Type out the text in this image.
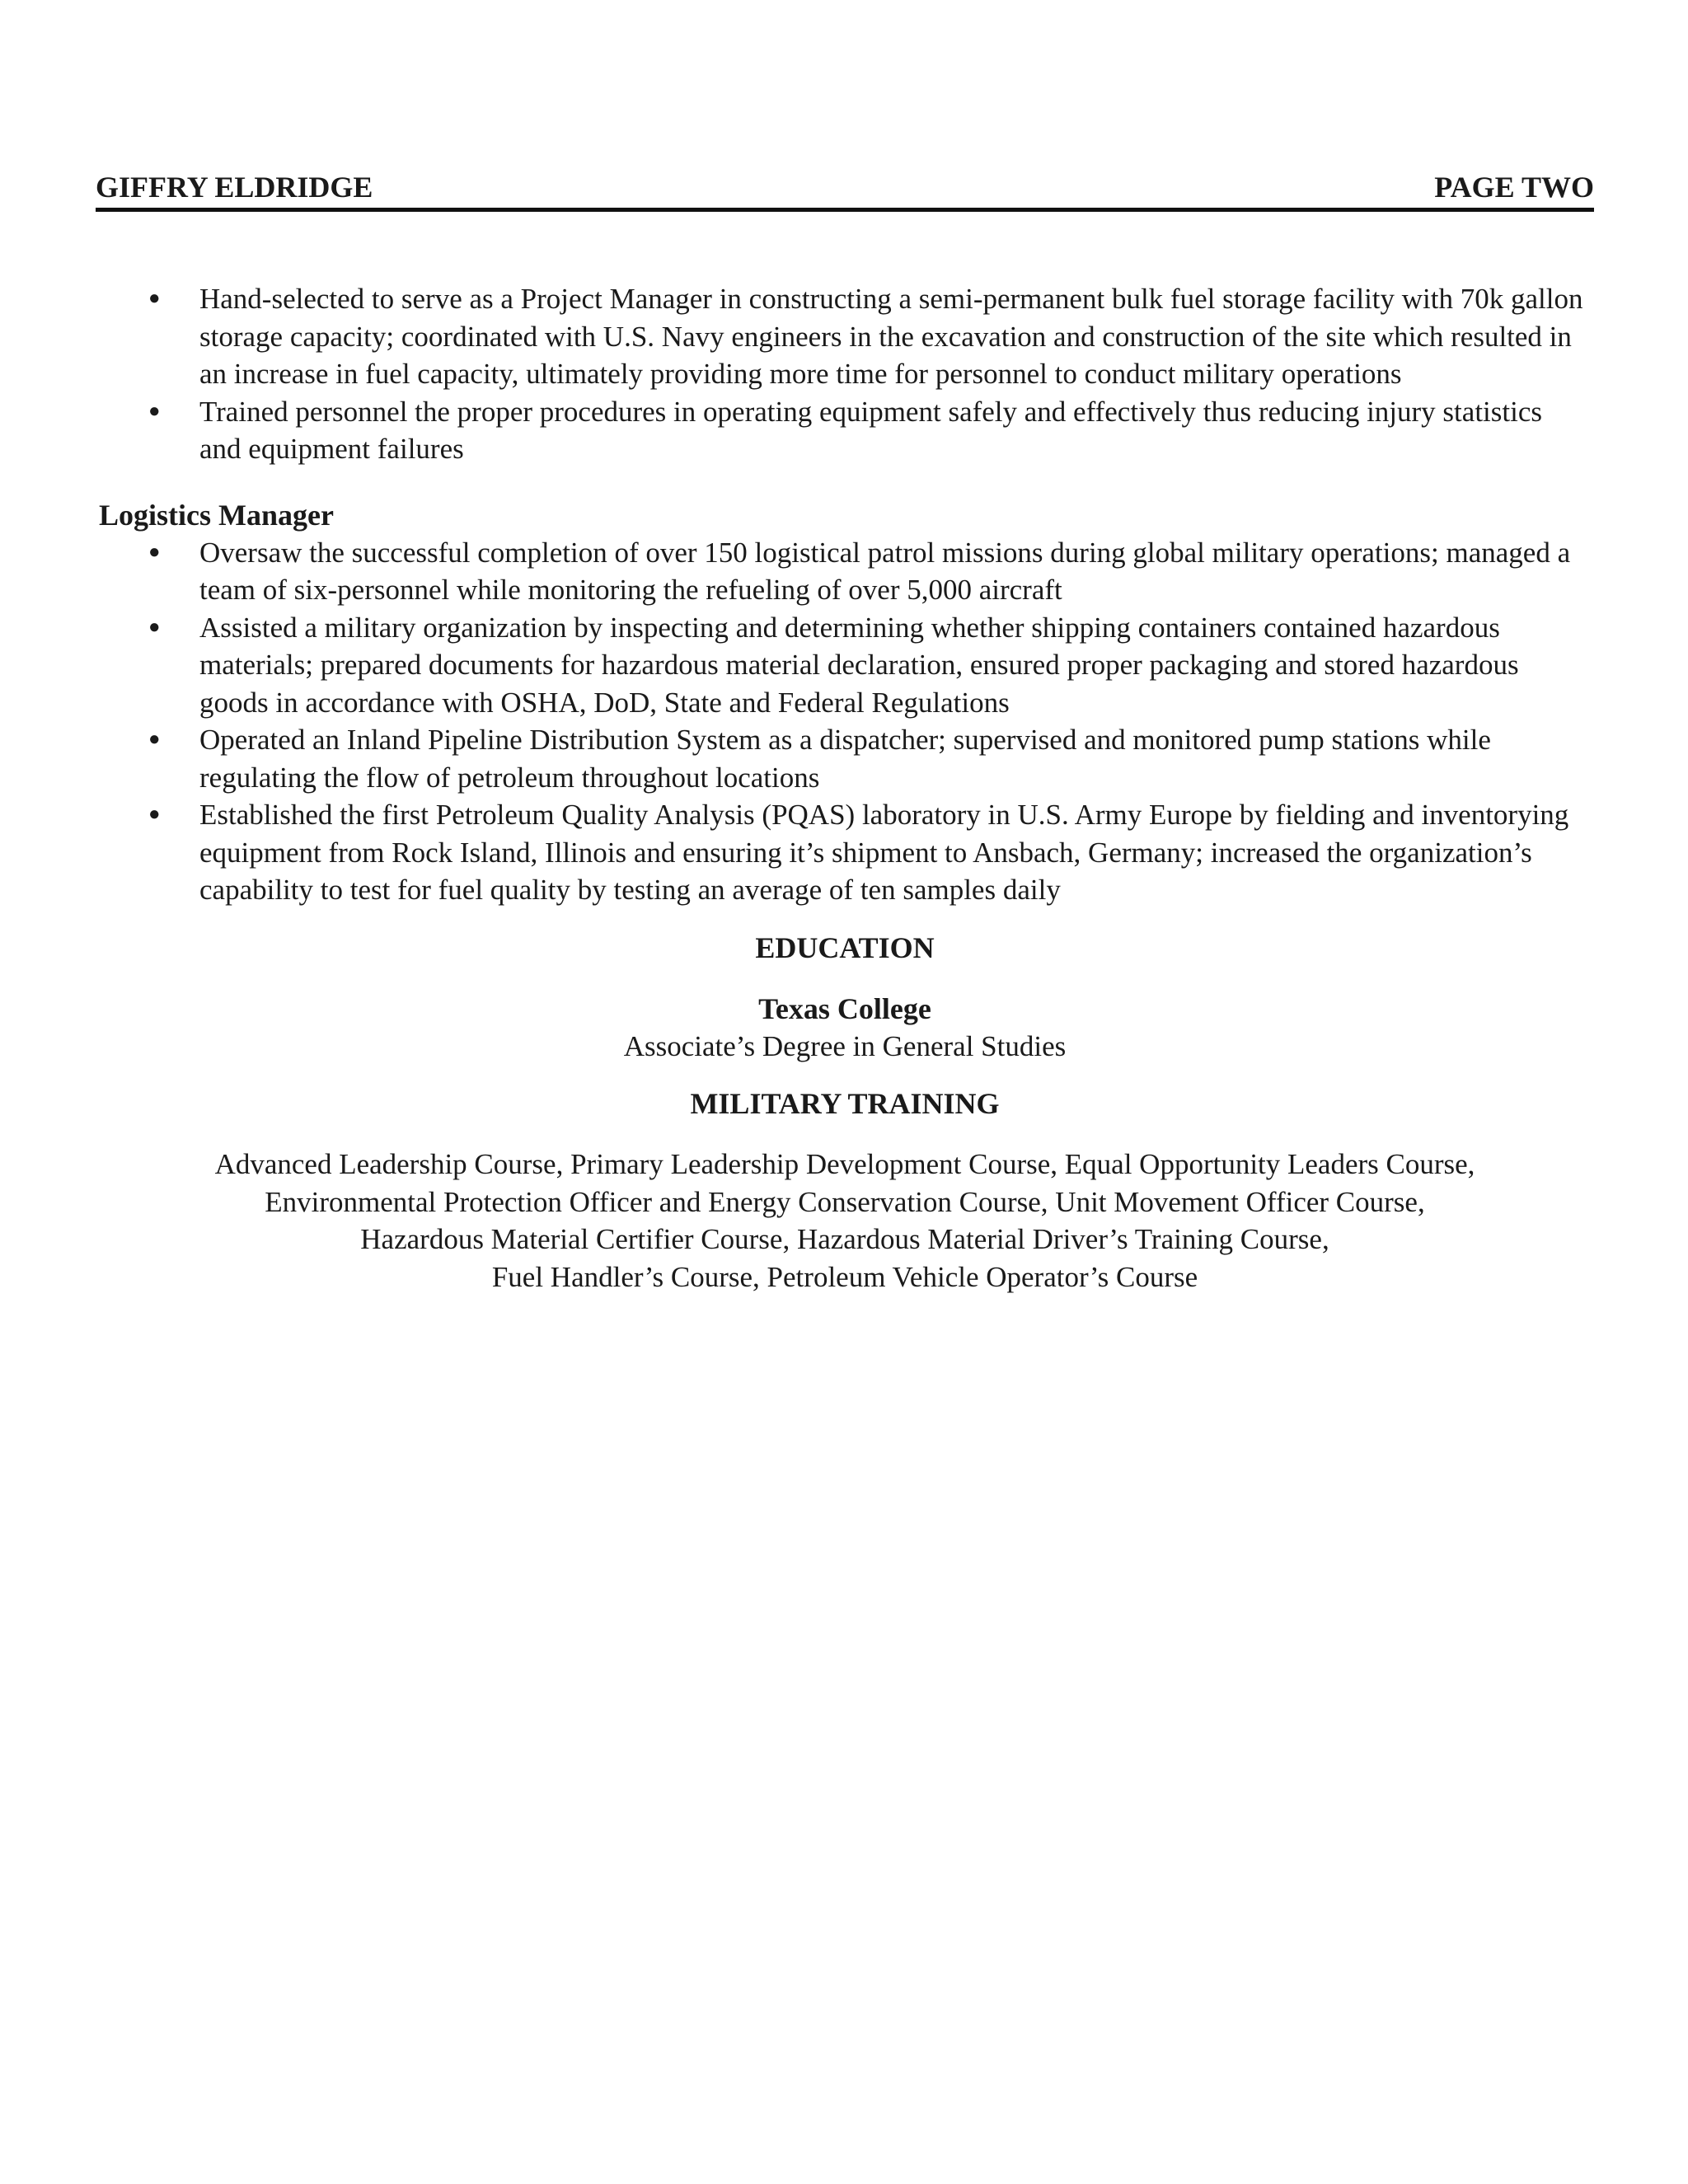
GIFFRY ELDRIDGE	PAGE TWO
● Hand-selected to serve as a Project Manager in constructing a semi-permanent bulk fuel storage facility with 70k gallon storage capacity; coordinated with U.S. Navy engineers in the excavation and construction of the site which resulted in an increase in fuel capacity, ultimately providing more time for personnel to conduct military operations
● Trained personnel the proper procedures in operating equipment safely and effectively thus reducing injury statistics and equipment failures
Logistics Manager
● Oversaw the successful completion of over 150 logistical patrol missions during global military operations; managed a team of six-personnel while monitoring the refueling of over 5,000 aircraft
● Assisted a military organization by inspecting and determining whether shipping containers contained hazardous materials; prepared documents for hazardous material declaration, ensured proper packaging and stored hazardous goods in accordance with OSHA, DoD, State and Federal Regulations
● Operated an Inland Pipeline Distribution System as a dispatcher; supervised and monitored pump stations while regulating the flow of petroleum throughout locations
● Established the first Petroleum Quality Analysis (PQAS) laboratory in U.S. Army Europe by fielding and inventorying equipment from Rock Island, Illinois and ensuring it’s shipment to Ansbach, Germany; increased the organization’s capability to test for fuel quality by testing an average of ten samples daily
EDUCATION
Texas College
Associate’s Degree in General Studies
MILITARY TRAINING
Advanced Leadership Course, Primary Leadership Development Course, Equal Opportunity Leaders Course,
Environmental Protection Officer and Energy Conservation Course, Unit Movement Officer Course,
Hazardous Material Certifier Course, Hazardous Material Driver’s Training Course,
Fuel Handler’s Course, Petroleum Vehicle Operator’s Course
